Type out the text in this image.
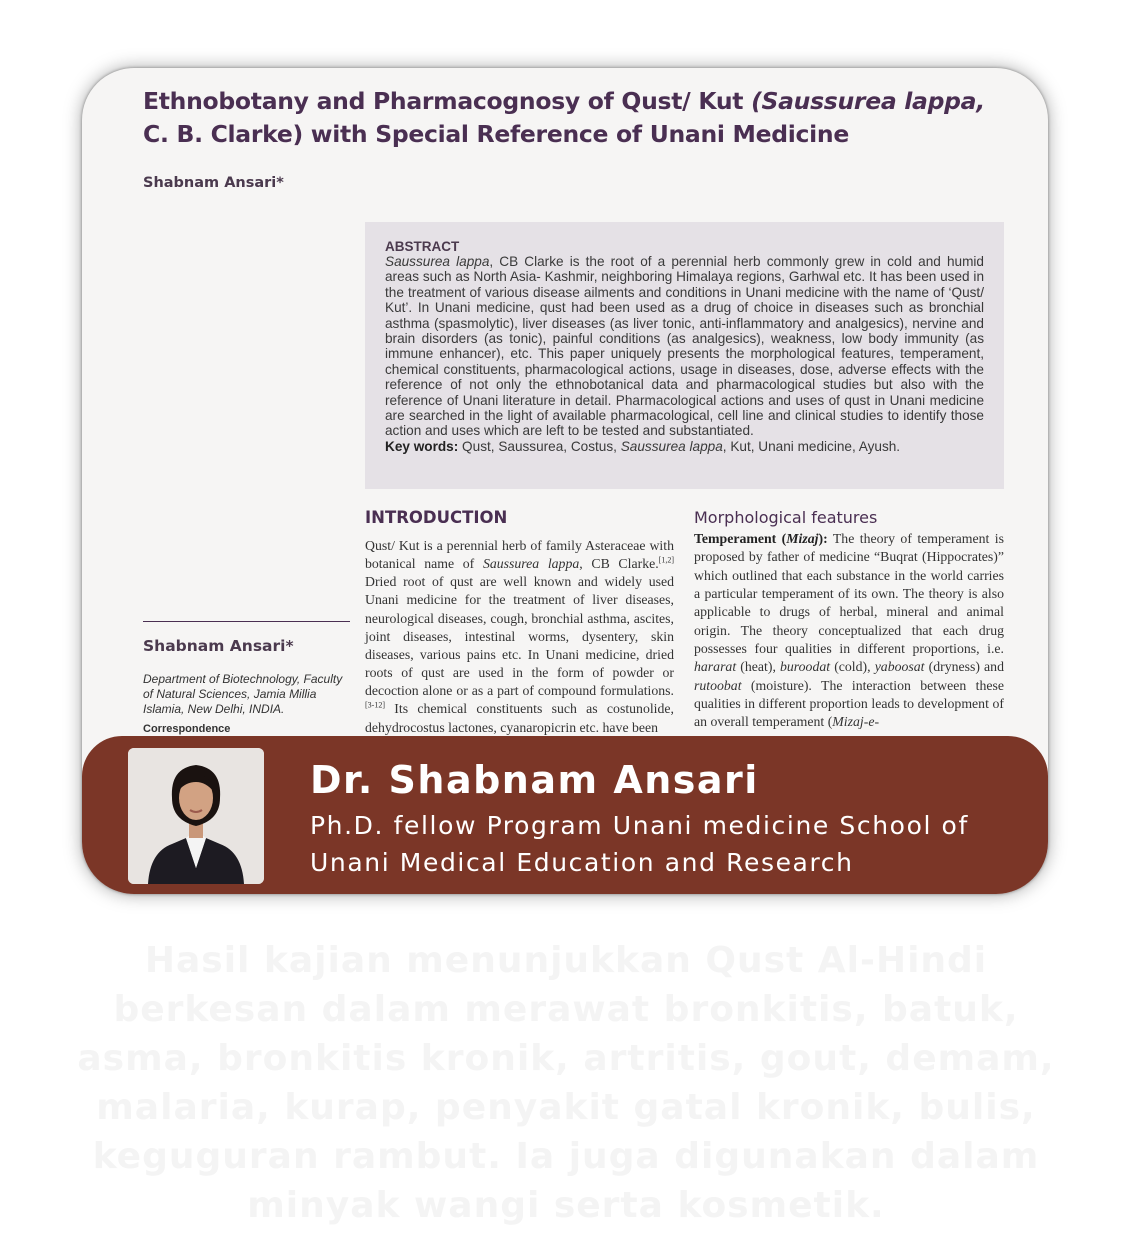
Ethnobotany and Pharmacognosy of Qust/ Kut (Saussurea lappa,
C. B. Clarke) with Special Reference of Unani Medicine
Shabnam Ansari*
ABSTRACT
Saussurea lappa, CB Clarke is the root of a perennial herb commonly grew in cold and humid areas such as North Asia- Kashmir, neighboring Himalaya regions, Garhwal etc. It has been used in the treatment of various disease ailments and conditions in Unani medicine with the name of ‘Qust/ Kut’. In Unani medicine, qust had been used as a drug of choice in diseases such as bronchial asthma (spasmolytic), liver diseases (as liver tonic, anti-inflammatory and analgesics), nervine and brain disorders (as tonic), painful conditions (as analgesics), weakness, low body immunity (as immune enhancer), etc. This paper uniquely presents the morphological features, temperament, chemical constituents, pharmacological actions, usage in diseases, dose, adverse effects with the reference of not only the ethnobotanical data and pharmacological studies but also with the reference of Unani literature in detail. Pharmacological actions and uses of qust in Unani medicine are searched in the light of available pharmacological, cell line and clinical studies to identify those action and uses which are left to be tested and substantiated.
Key words: Qust, Saussurea, Costus, Saussurea lappa, Kut, Unani medicine, Ayush.
Shabnam Ansari*
Department of Biotechnology, Faculty of Natural Sciences, Jamia Millia Islamia, New Delhi, INDIA.
Correspondence
INTRODUCTION

Qust/ Kut is a perennial herb of family Asteraceae with botanical name of Saussurea lappa, CB Clarke.[1,2] Dried root of qust are well known and widely used Unani medicine for the treatment of liver diseases, neurological diseases, cough, bronchial asthma, ascites, joint diseases, intestinal worms, dysentery, skin diseases, various pains etc. In Unani medicine, dried roots of qust are used in the form of powder or decoction alone or as a part of compound formulations.[3-12] Its chemical constituents such as costunolide, dehydrocostus lactones, cyanaropicrin etc. have been

Morphological features

Temperament (Mizaj): The theory of temperament is proposed by father of medicine “Buqrat (Hippocrates)” which outlined that each substance in the world carries a particular temperament of its own. The theory is also applicable to drugs of herbal, mineral and animal origin. The theory conceptualized that each drug possesses four qualities in different proportions, i.e. hararat (heat), buroodat (cold), yaboosat (dryness) and rutoobat (moisture). The interaction between these qualities in different proportion leads to development of an overall temperament (Mizaj-e-

Dr. Shabnam Ansari
Ph.D. fellow Program Unani medicine School of Unani Medical Education and Research
Hasil kajian menunjukkan Qust Al-Hindi berkesan dalam merawat bronkitis, batuk, asma, bronkitis kronik, artritis, gout, demam, malaria, kurap, penyakit gatal kronik, bulis, keguguran rambut. Ia juga digunakan dalam minyak wangi serta kosmetik.
